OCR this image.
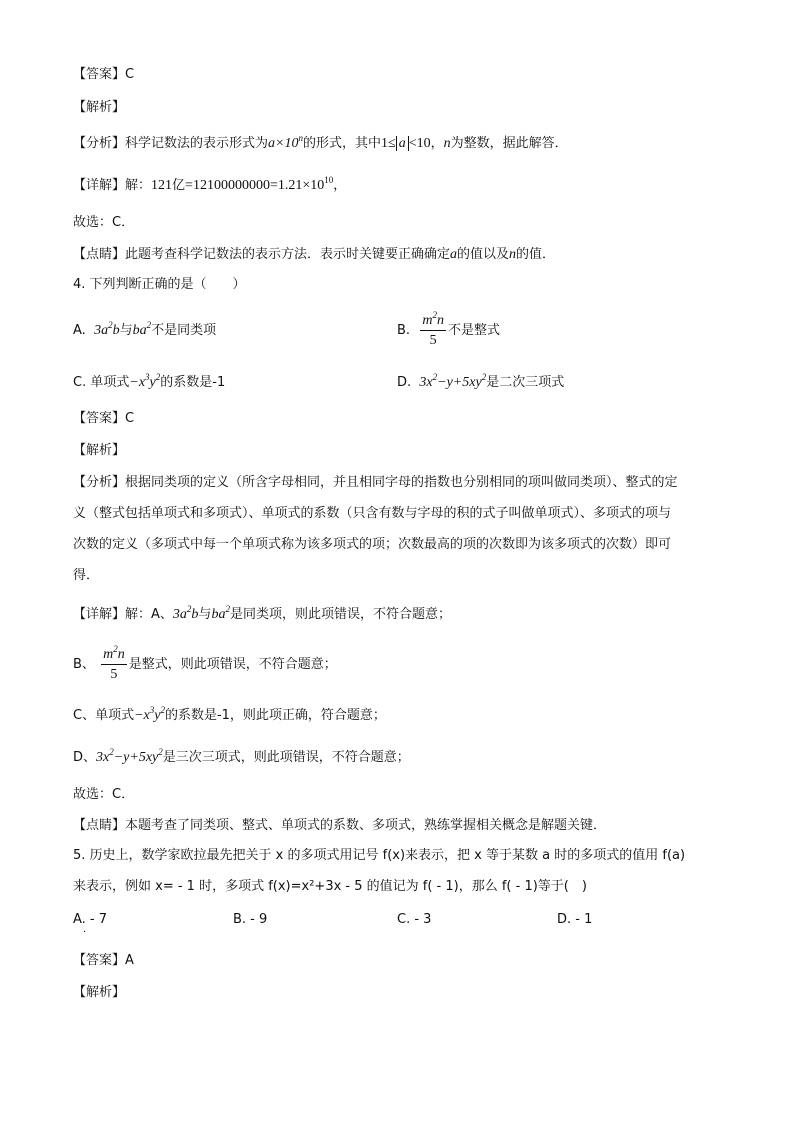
【答案】C
【解析】
【分析】科学记数法的表示形式为$a\times 10^n$的形式，其中1≤ a <10，n为整数，据此解答．
【详解】解：121亿$=12100000000=1.21\times 10^{10}$，
故选：C．
【点睛】此题考查科学记数法的表示方法．表示时关键要正确确定a的值以及n的值．
4. 下列判断正确的是（　　）
A. $3a^2b$与$ba^2$不是同类项	B. $\frac{m^2n}{5}$ 不是整式
C. 单项式$-x^3y^2$的系数是-1	D. $3x^2-y+5xy^2$是二次三项式
【答案】C
【解析】
【分析】根据同类项的定义（所含字母相同，并且相同字母的指数也分别相同的项叫做同类项）、整式的定
义（整式包括单项式和多项式）、单项式的系数（只含有数与字母的积的式子叫做单项式）、多项式的项与
次数的定义（多项式中每一个单项式称为该多项式的项；次数最高的项的次数即为该多项式的次数）即可
得．
【详解】解：A、$3a^2b$与$ba^2$是同类项，则此项错误，不符合题意；
B、 $\frac{m^2n}{5}$ 是整式，则此项错误，不符合题意；
C、单项式$-x^3y^2$的系数是-1，则此项正确，符合题意；
D、$3x^2-y+5xy^2$是三次三项式，则此项错误，不符合题意；
故选：C．
【点睛】本题考查了同类项、整式、单项式的系数、多项式，熟练掌握相关概念是解题关键．
5. 历史上，数学家欧拉最先把关于 x 的多项式用记号 f(x)来表示，把 x 等于某数 a 时的多项式的值用 f(a)
来表示，例如 x= - 1 时，多项式 f(x)=x²+3x - 5 的值记为 f( - 1)，那么 f( - 1)等于(　)
A. - 7	B. - 9	C. - 3	D. - 1
·
【答案】A
【解析】
